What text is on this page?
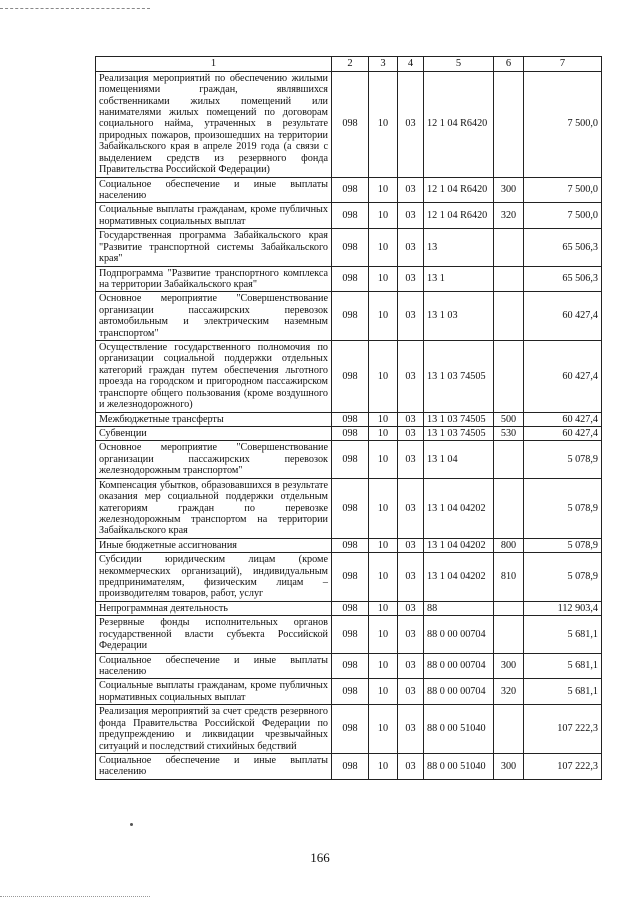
1	2	3	4	5	6	7
Реализация мероприятий по обеспечению жилыми помещениями граждан, являвшихся собственниками жилых помещений или нанимателями жилых помещений по договорам социального найма, утраченных в результате природных пожаров, произошедших на территории Забайкальского края в апреле 2019 года (а связи с выделением средств из резервного фонда Правительства Российской Федерации)	098	10	03	12 1 04 R6420		7 500,0
Социальное обеспечение и иные выплаты населению	098	10	03	12 1 04 R6420	300	7 500,0
Социальные выплаты гражданам, кроме публичных нормативных социальных выплат	098	10	03	12 1 04 R6420	320	7 500,0
Государственная программа Забайкальского края "Развитие транспортной системы Забайкальского края"	098	10	03	13		65 506,3
Подпрограмма "Развитие транспортного комплекса на территории Забайкальского края"	098	10	03	13 1		65 506,3
Основное мероприятие "Совершенствование организации пассажирских перевозок автомобильным и электрическим наземным транспортом"	098	10	03	13 1 03		60 427,4
Осуществление государственного полномочия по организации социальной поддержки отдельных категорий граждан путем обеспечения льготного проезда на городском и пригородном пассажирском транспорте общего пользования (кроме воздушного и железнодорожного)	098	10	03	13 1 03 74505		60 427,4
Межбюджетные трансферты	098	10	03	13 1 03 74505	500	60 427,4
Субвенции	098	10	03	13 1 03 74505	530	60 427,4
Основное мероприятие "Совершенствование организации пассажирских перевозок железнодорожным транспортом"	098	10	03	13 1 04		5 078,9
Компенсация убытков, образовавшихся в результате оказания мер социальной поддержки отдельным категориям граждан по перевозке железнодорожным транспортом на территории Забайкальского края	098	10	03	13 1 04 04202		5 078,9
Иные бюджетные ассигнования	098	10	03	13 1 04 04202	800	5 078,9
Субсидии юридическим лицам (кроме некоммерческих организаций), индивидуальным предпринимателям, физическим лицам – производителям товаров, работ, услуг	098	10	03	13 1 04 04202	810	5 078,9
Непрограммная деятельность	098	10	03	88		112 903,4
Резервные фонды исполнительных органов государственной власти субъекта Российской Федерации	098	10	03	88 0 00 00704		5 681,1
Социальное обеспечение и иные выплаты населению	098	10	03	88 0 00 00704	300	5 681,1
Социальные выплаты гражданам, кроме публичных нормативных социальных выплат	098	10	03	88 0 00 00704	320	5 681,1
Реализация мероприятий за счет средств резервного фонда Правительства Российской Федерации по предупреждению и ликвидации чрезвычайных ситуаций и последствий стихийных бедствий	098	10	03	88 0 00 51040		107 222,3
Социальное обеспечение и иные выплаты населению	098	10	03	88 0 00 51040	300	107 222,3
166
